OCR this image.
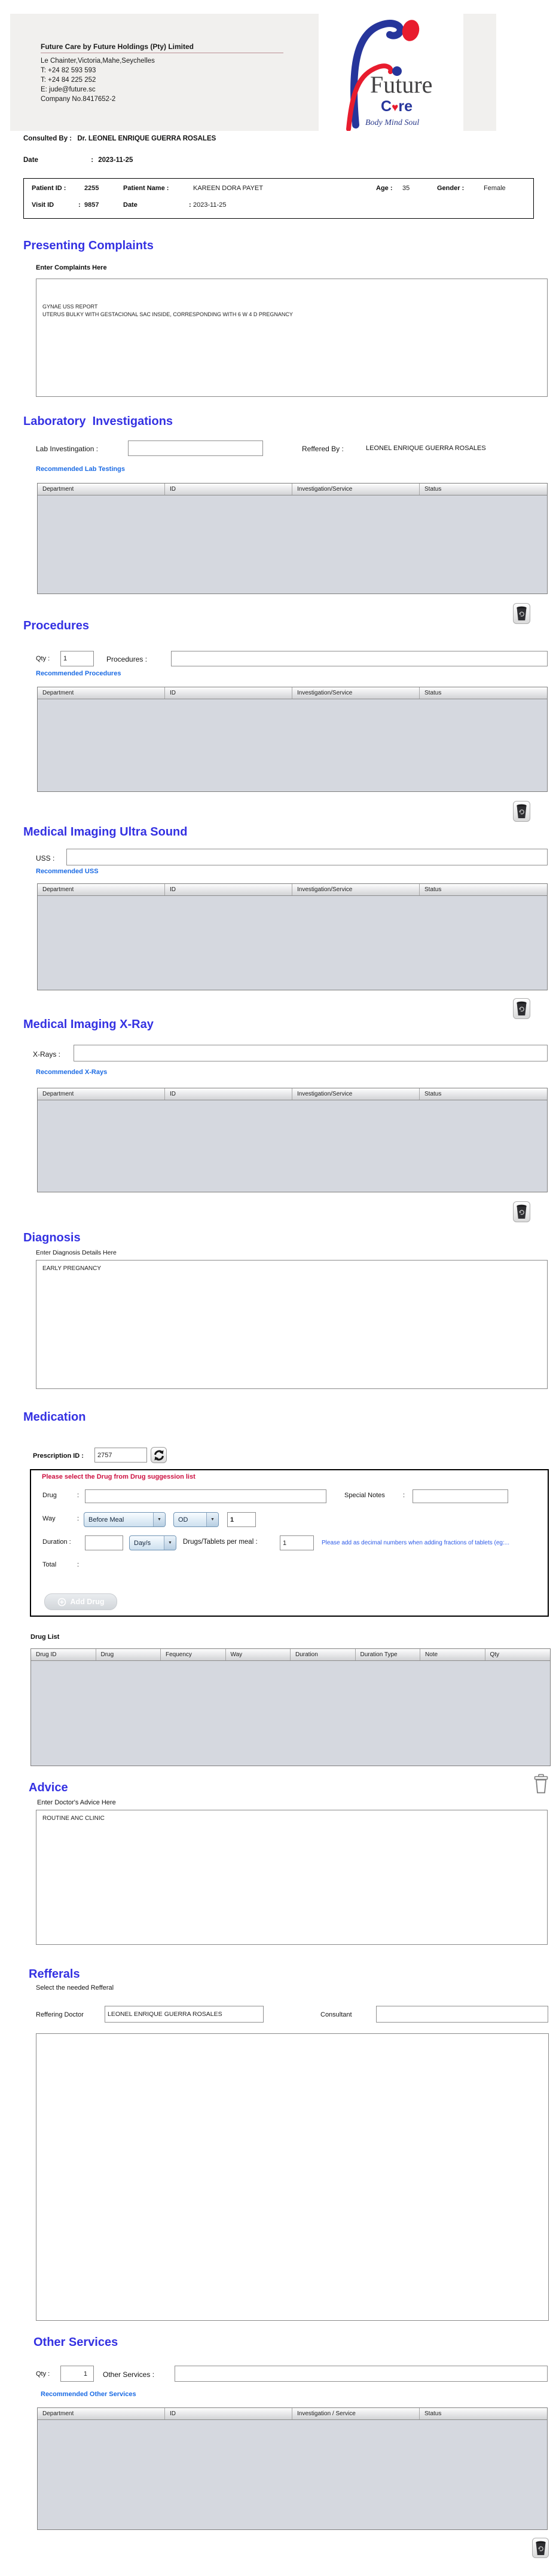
Future Care by Future Holdings (Pty) Limited
Le Chainter,Victoria,Mahe,Seychelles
T: +24 82 593 593
T: +24 84 225 252
E: jude@future.sc
Company No.8417652-2
Future
C♥re
Body Mind Soul
Consulted By : Dr. LEONEL ENRIQUE GUERRA ROSALES
Date	: 2023-11-25
Patient ID :	2255	Patient Name :	KAREEN DORA PAYET	Age : 35	Gender :	Female
Visit ID	: 9857	Date	: 2023-11-25
Presenting Complaints
Enter Complaints Here
GYNAE USS REPORT UTERUS BULKY WITH GESTACIONAL SAC INSIDE, CORRESPONDING WITH 6 W 4 D PREGNANCY
Laboratory  Investigations
Lab Investingation :	Reffered By :	LEONEL ENRIQUE GUERRA ROSALES
Recommended Lab Testings
Department	ID	Investigation/Service	Status
Procedures
Qty :
1	Procedures :
Recommended Procedures
Department	ID	Investigation/Service	Status
Medical Imaging Ultra Sound
USS :
Recommended USS
Department	ID	Investigation/Service	Status
Medical Imaging X-Ray
X-Rays :
Recommended X-Rays
Department	ID	Investigation/Service	Status
Diagnosis
Enter Diagnosis Details Here
EARLY PREGNANCY
Medication
Prescription ID :
2757
Please select the Drug from Drug suggession list
Drug	:	Special Notes	:
Way	:	Before Meal	▼	OD	▼
1
Duration :	Day/s	▼	Drugs/Tablets per meal :
1	Please add as decimal numbers when adding fractions of tablets (eg:...
Total	:
Add Drug
Drug List
Drug ID	Drug	Fequency	Way	Duration	Duration Type	Note	Qty
Advice
Enter Doctor's Advice Here
ROUTINE ANC CLINIC
Refferals
Select the needed Refferal
Reffering Doctor
LEONEL ENRIQUE GUERRA ROSALES	Consultant
Other Services
Qty :
1	Other Services :
Recommended Other Services
Department	ID	Investigation / Service	Status
